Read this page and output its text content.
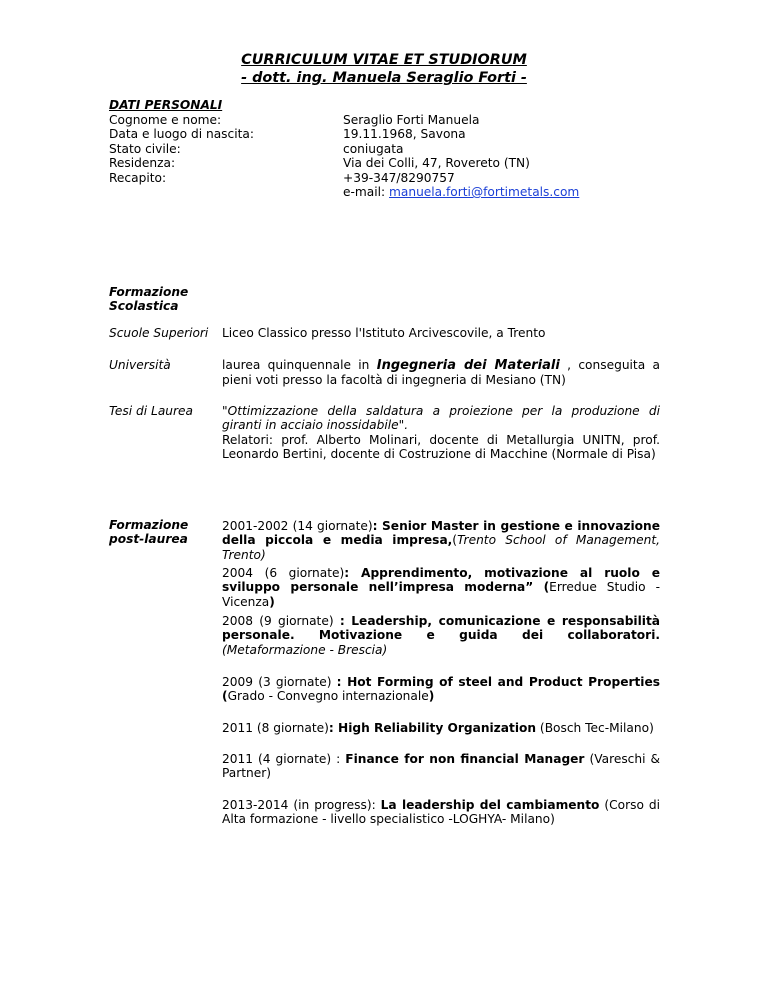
CURRICULUM VITAE ET STUDIORUM
- dott. ing. Manuela Seraglio Forti -
DATI PERSONALI
Cognome e nome:
Data e luogo di nascita:
Stato civile:
Residenza:
Recapito:
Seraglio Forti Manuela
19.11.1968, Savona
coniugata
Via dei Colli, 47, Rovereto (TN)
+39-347/8290757
e-mail: manuela.forti@fortimetals.com
Formazione
Scolastica
Scuole Superiori Liceo Classico presso l'Istituto Arcivescovile, a Trento
Università	laurea quinquennale in Ingegneria dei Materiali , conseguita a pieni voti presso la facoltà di ingegneria di Mesiano (TN)
Tesi di Laurea "Ottimizzazione della saldatura a proiezione per la produzione di giranti in acciaio inossidabile".
Relatori: prof. Alberto Molinari, docente di Metallurgia UNITN, prof. Leonardo Bertini, docente di Costruzione di Macchine (Normale di Pisa)
Formazione
post-laurea
2001-2002 (14 giornate): Senior Master in gestione e innovazione della piccola e media impresa,(Trento School of Management, Trento)
2004 (6 giornate): Apprendimento, motivazione al ruolo e sviluppo personale nell’impresa moderna” (Erredue Studio - Vicenza)
2008 (9 giornate) : Leadership, comunicazione e responsabilità personale. Motivazione e guida dei collaboratori. (Metaformazione - Brescia)
2009 (3 giornate) : Hot Forming of steel and Product Properties (Grado - Convegno internazionale)
2011 (8 giornate): High Reliability Organization (Bosch Tec-Milano)
2011 (4 giornate) : Finance for non financial Manager (Vareschi & Partner)
2013-2014 (in progress): La leadership del cambiamento (Corso di Alta formazione - livello specialistico -LOGHYA- Milano)
